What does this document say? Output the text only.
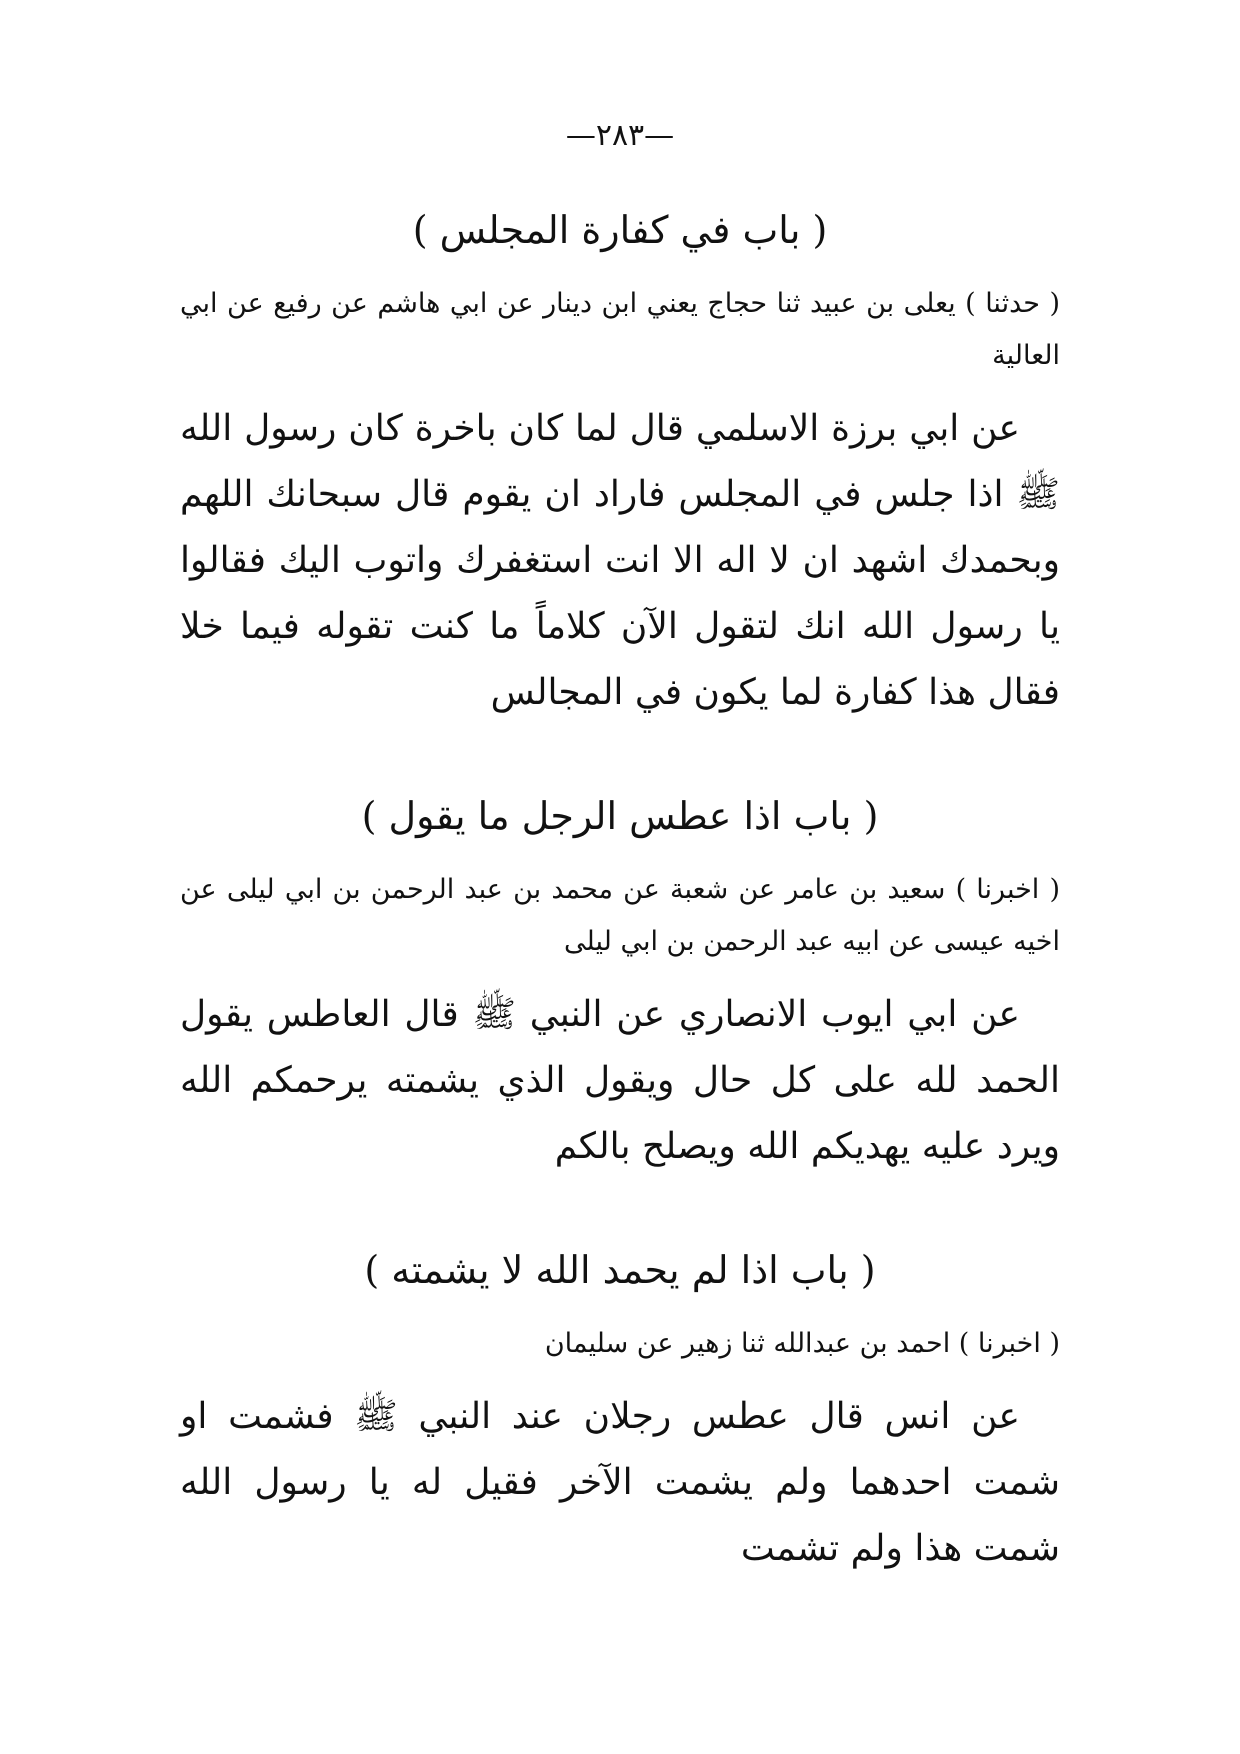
—٢٨٣—

( باب في كفارة المجلس )

( حدثنا ) يعلى بن عبيد ثنا حجاج يعني ابن دينار عن ابي هاشم عن رفيع عن ابي العالية

عن ابي برزة الاسلمي قال لما كان باخرة كان رسول الله ﷺ اذا جلس في المجلس فاراد ان يقوم قال سبحانك اللهم وبحمدك اشهد ان لا اله الا انت استغفرك واتوب اليك فقالوا يا رسول الله انك لتقول الآن كلاماً ما كنت تقوله فيما خلا فقال هذا كفارة لما يكون في المجالس

( باب اذا عطس الرجل ما يقول )

( اخبرنا ) سعيد بن عامر عن شعبة عن محمد بن عبد الرحمن بن ابي ليلى عن اخيه عيسى عن ابيه عبد الرحمن بن ابي ليلى

عن ابي ايوب الانصاري عن النبي ﷺ قال العاطس يقول الحمد لله على كل حال ويقول الذي يشمته يرحمكم الله ويرد عليه يهديكم الله ويصلح بالكم

( باب اذا لم يحمد الله لا يشمته )

( اخبرنا ) احمد بن عبدالله ثنا زهير عن سليمان

عن انس قال عطس رجلان عند النبي ﷺ فشمت او شمت احدهما ولم يشمت الآخر فقيل له يا رسول الله شمت هذا ولم تشمت
